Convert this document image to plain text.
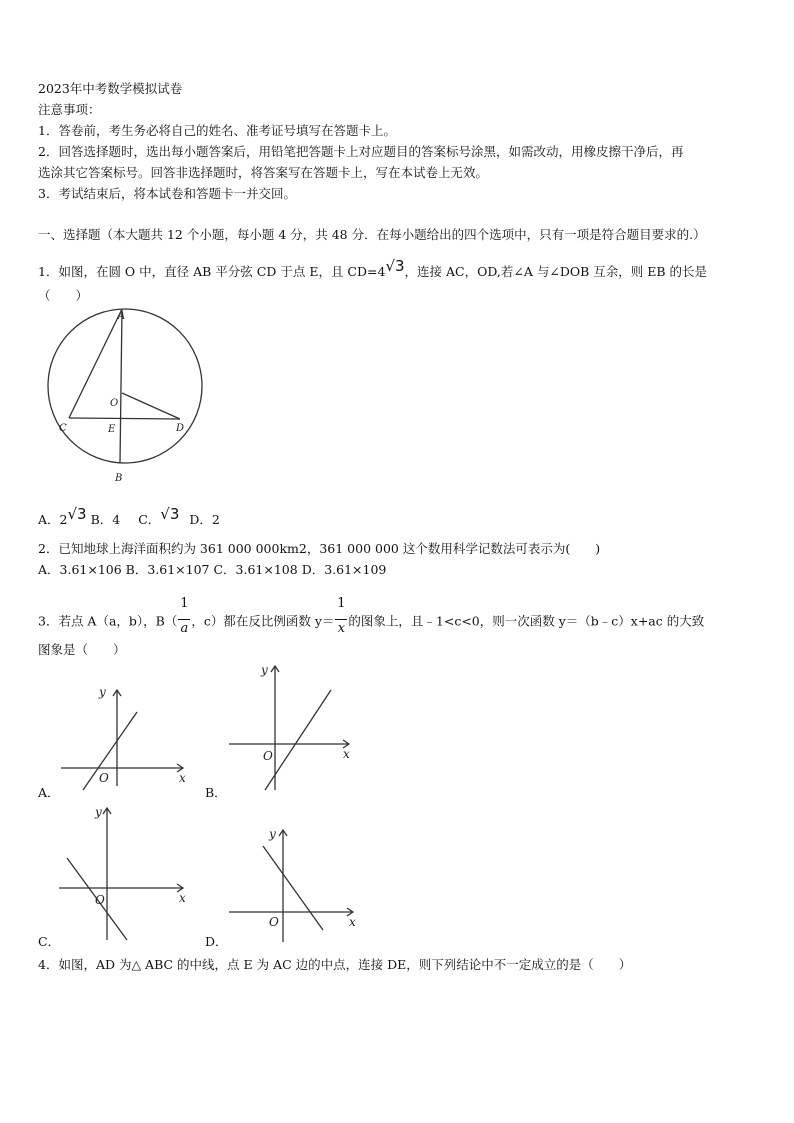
2023年中考数学模拟试卷
注意事项：
1．答卷前，考生务必将自己的姓名、准考证号填写在答题卡上。
2．回答选择题时，选出每小题答案后，用铅笔把答题卡上对应题目的答案标号涂黑，如需改动，用橡皮擦干净后，再
选涂其它答案标号。回答非选择题时，将答案写在答题卡上，写在本试卷上无效。
3．考试结束后，将本试卷和答题卡一并交回。
一、选择题（本大题共 12 个小题，每小题 4 分，共 48 分．在每小题给出的四个选项中，只有一项是符合题目要求的.）
1．如图，在圆 O 中，直径 AB 平分弦 CD 于点 E，且 CD=4√3，连接 AC，OD,若∠A 与∠DOB 互余，则 EB 的长是
（　　）
A
O
C	E	D
B
A．2√3 B．4 C．√3 D．2
2．已知地球上海洋面积约为 361 000 000km2，361 000 000 这个数用科学记数法可表示为(　　)
A．3.61×106 B．3.61×107 C．3.61×108 D．3.61×109
3．若点 A（a，b），$B( \frac{1}{a}$ ，c）都在反比例函数 $y= \frac{1}{x}$ 的图象上，且﹣1<c<0，则一次函数 y＝（b﹣c）x+ac 的大致
图象是（　　）
x
y
O
A．
x
y
O
B．
x
y
O
C．
x
y
O
D．
4．如图，AD 为△ ABC 的中线，点 E 为 AC 边的中点，连接 DE，则下列结论中不一定成立的是（　　）
